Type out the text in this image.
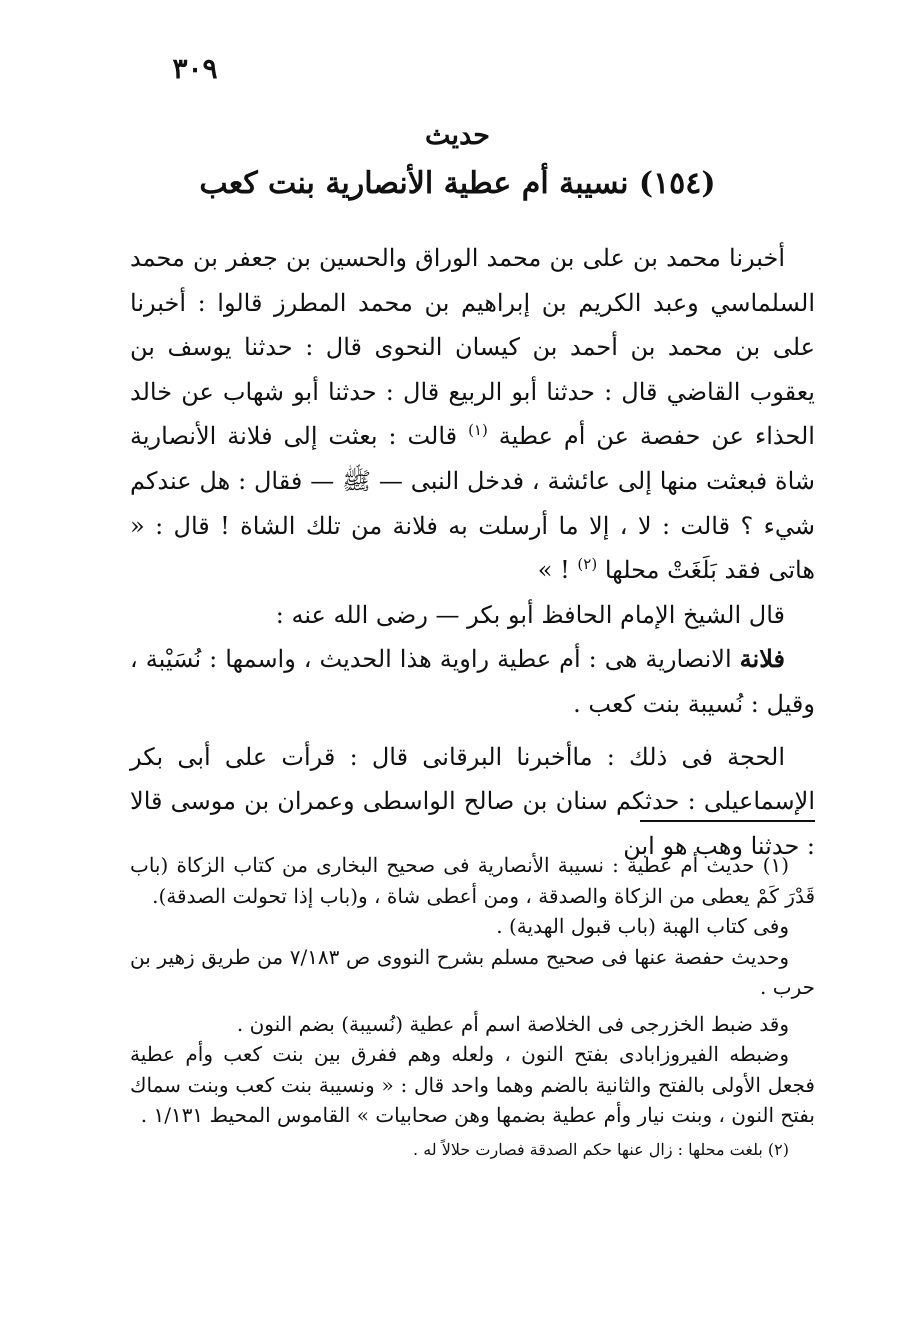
٣٠٩
حديث
(١٥٤) نسيبة أم عطية الأنصارية بنت كعب

أخبرنا محمد بن على بن محمد الوراق والحسين بن جعفر بن محمد السلماسي وعبد الكريم بن إبراهيم بن محمد المطرز قالوا : أخبرنا على بن محمد بن أحمد بن كيسان النحوى قال : حدثنا يوسف بن يعقوب القاضي قال : حدثنا أبو الربيع قال : حدثنا أبو شهاب عن خالد الحذاء عن حفصة عن أم عطية $^{(١)}$ قالت : بعثت إلى فلانة الأنصارية شاة فبعثت منها إلى عائشة ، فدخل النبى — ﷺ — فقال : هل عندكم شيء ؟ قالت : لا ، إلا ما أرسلت به فلانة من تلك الشاة ! قال : « هاتى فقد بَلَغَتْ محلها $^{(٢)}$ ! »

قال الشيخ الإمام الحافظ أبو بكر — رضى الله عنه :

فلانة الانصارية هى : أم عطية راوية هذا الحديث ، واسمها : نُسَيْبة ، وقيل : نُسيبة بنت كعب .

الحجة فى ذلك : ماأخبرنا البرقانى قال : قرأت على أبى بكر الإسماعيلى : حدثكم سنان بن صالح الواسطى وعمران بن موسى قالا : حدثنا وهب هو ابن

(١) حديث أم عطية : نسيبة الأنصارية فى صحيح البخارى من كتاب الزكاة (باب قَدْرَ كَمْ يعطى من الزكاة والصدقة ، ومن أعطى شاة ، و(باب إذا تحولت الصدقة).

وفى كتاب الهبة (باب قبول الهدية) .

وحديث حفصة عنها فى صحيح مسلم بشرح النووى ص ٧/١٨٣ من طريق زهير بن حرب .

وقد ضبط الخزرجى فى الخلاصة اسم أم عطية (نُسيبة) بضم النون .

وضبطه الفيروزابادى بفتح النون ، ولعله وهم ففرق بين بنت كعب وأم عطية فجعل الأولى بالفتح والثانية بالضم وهما واحد قال : « ونسيبة بنت كعب وبنت سماك بفتح النون ، وبنت نيار وأم عطية بضمها وهن صحابيات » القاموس المحيط ١/١٣١ .

(٢) بلغت محلها : زال عنها حكم الصدقة فصارت حلالاً له .
